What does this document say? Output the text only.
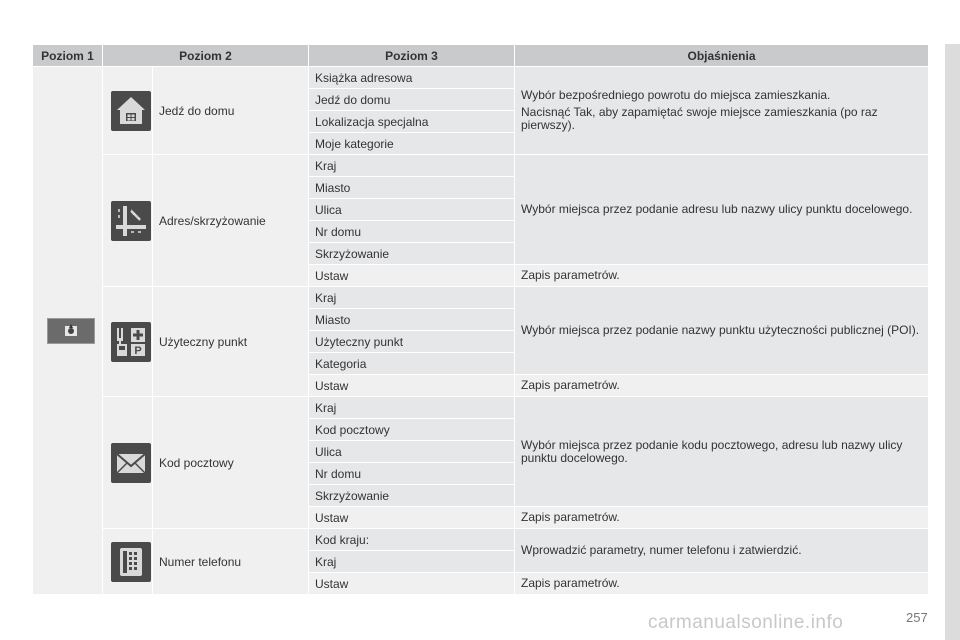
Poziom 1	Poziom 2		Poziom 3	Objaśnienia

	Jedź do domu	Książka adresowa	Wybór bezpośredniego powrotu do miejsca zamieszkania.

Nacisnąć Tak, aby zapamiętać swoje miejsce zamieszkania (po raz pierwszy).

			Jedź do domu	
			Lokalizacja specjalna	
			Moje kategorie	

	Adres/skrzyżowanie	Kraj	Wybór miejsca przez podanie adresu lub nazwy ulicy punktu docelowego.
			Miasto	
			Ulica	
			Nr domu	
			Skrzyżowanie	
			Ustaw	Zapis parametrów.

P	Użyteczny punkt	Kraj	Wybór miejsca przez podanie nazwy punktu użyteczności publicznej (POI).
			Miasto	
			Użyteczny punkt	
			Kategoria	
			Ustaw	Zapis parametrów.

	Kod pocztowy	Kraj	Wybór miejsca przez podanie kodu pocztowego, adresu lub nazwy ulicy punktu docelowego.
			Kod pocztowy	
			Ulica	
			Nr domu	
			Skrzyżowanie	
			Ustaw	Zapis parametrów.

	Numer telefonu	Kod kraju:	Wprowadzić parametry, numer telefonu i zatwierdzić.
			Kraj	
			Ustaw	Zapis parametrów.
carmanualsonline.info	257
